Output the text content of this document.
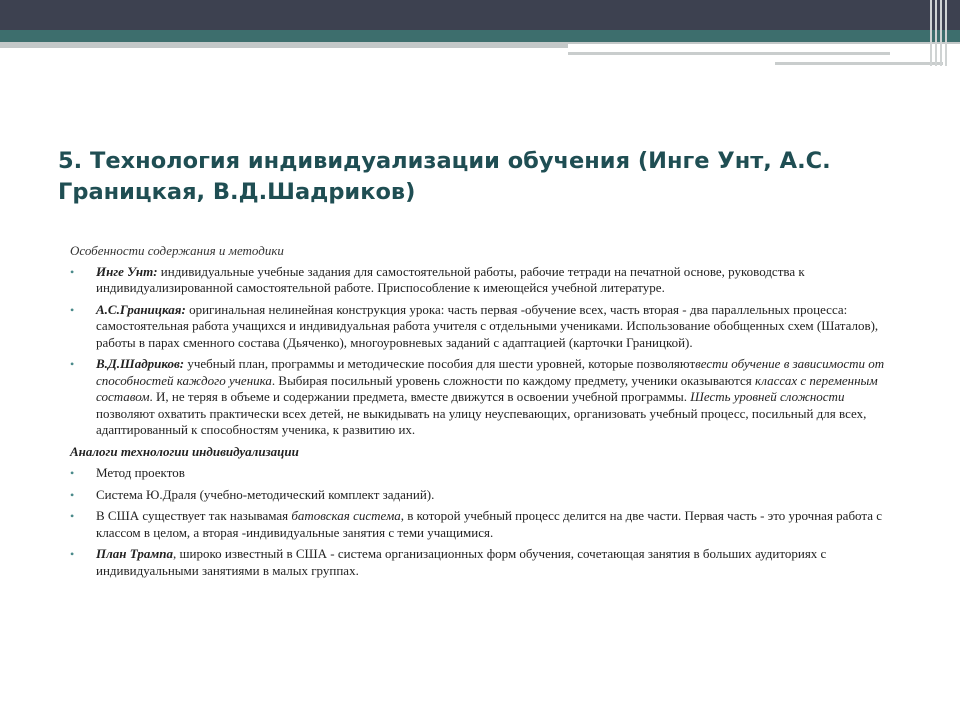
5. Технология индивидуализации обучения (Инге Унт, А.С. Границкая, В.Д.Шадриков)
Особенности содержания и методики
• Инге Унт: индивидуальные учебные задания для самостоятельной работы, рабочие тетради на печатной основе, руководства к индивидуализированной самостоятельной работе. Приспособление к имеющейся учебной литературе.
• А.С.Границкая: оригинальная нелинейная конструкция урока: часть первая -обучение всех, часть вторая - два параллельных процесса: самостоятельная работа учащихся и индивидуальная работа учителя с отдельными учениками. Использование обобщенных схем (Шаталов), работы в парах сменного состава (Дьяченко), многоуровневых заданий с адаптацией (карточки Границкой).
• В.Д.Шадриков: учебный план, программы и методические пособия для шести уровней, которые позволяютвести обучение в зависимости от способностей каждого ученика. Выбирая посильный уровень сложности по каждому предмету, ученики оказываются классах с переменным составом. И, не теряя в объеме и содержании предмета, вместе движутся в освоении учебной программы. Шесть уровней сложности позволяют охватить практически всех детей, не выкидывать на улицу неуспевающих, организовать учебный процесс, посильный для всех, адаптированный к способностям ученика, к развитию их.
Аналоги технологии индивидуализации
• Метод проектов
• Система Ю.Драля (учебно-методический комплект заданий).
• В США существует так называмая батовская система, в которой учебный процесс делится на две части. Первая часть - это урочная работа с классом в целом, а вторая -индивидуальные занятия с теми учащимися.
• План Трампа, широко известный в США - система организационных форм обучения, сочетающая занятия в больших аудиториях с индивидуальными занятиями в малых группах.
